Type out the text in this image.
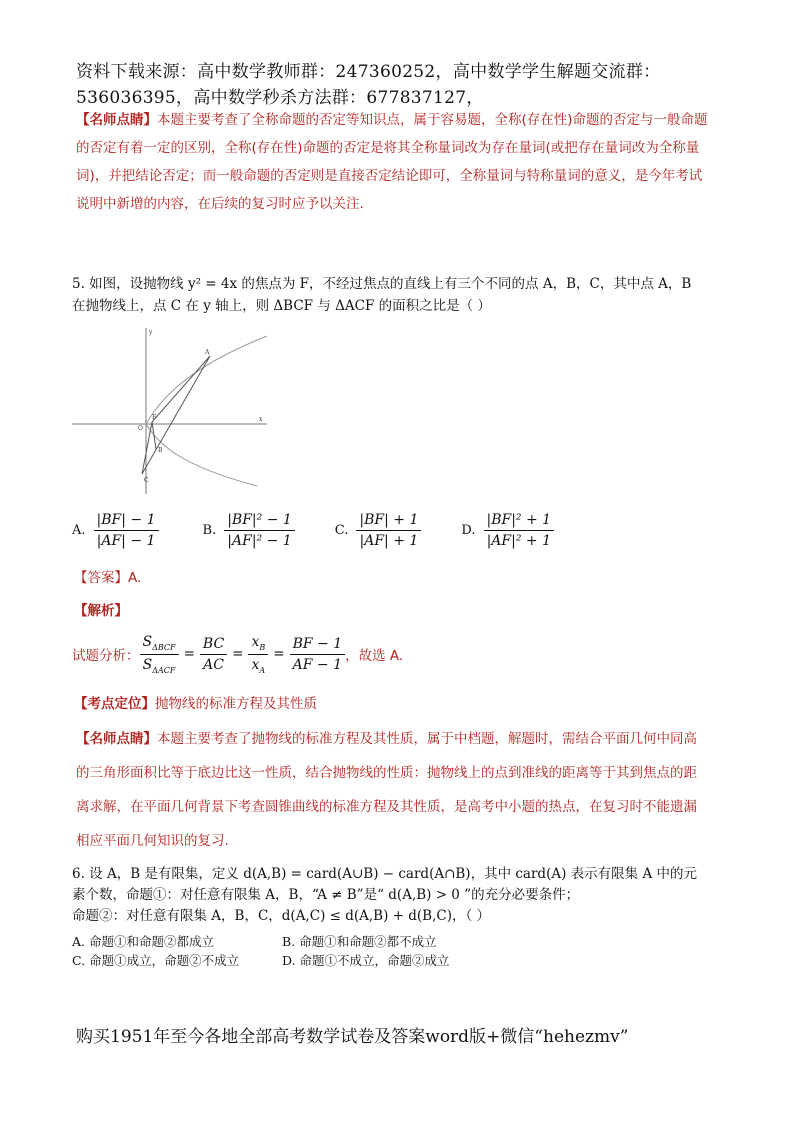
资料下载来源：高中数学教师群：247360252，高中数学学生解题交流群：
536036395，高中数学秒杀方法群：677837127，
【名师点睛】本题主要考查了全称命题的否定等知识点，属于容易题，全称(存在性)命题的否定与一般命题
的否定有着一定的区别，全称(存在性)命题的否定是将其全称量词改为存在量词(或把存在量词改为全称量
词)，并把结论否定；而一般命题的否定则是直接否定结论即可，全称量词与特称量词的意义，是今年考试
说明中新增的内容，在后续的复习时应予以关注.
5. 如图，设抛物线 y² = 4x 的焦点为 F，不经过焦点的直线上有三个不同的点 A，B，C，其中点 A，B
在抛物线上，点 C 在 y 轴上，则 ΔBCF 与 ΔACF 的面积之比是（ ）
A
B
C
F
O
x
y
A. $\frac{|BF| - 1}{|AF| - 1}$	B. $\frac{\text{|BF|² − 1}}{\text{|AF|² − 1}}$	C. $\frac{|BF| + 1}{|AF| + 1}$	D. $\frac{\text{|BF|² + 1}}{\text{|AF|² + 1}}$
【答案】A.
【解析】
试题分析： $\frac{S_{\Delta BCF}}{S_{\Delta ACF}} = \frac{BC}{AC} = \frac{x_B}{x_A} = \frac{BF - 1}{AF - 1}$ ，故选 A.
【考点定位】抛物线的标准方程及其性质
【名师点睛】本题主要考查了抛物线的标准方程及其性质，属于中档题，解题时，需结合平面几何中同高
的三角形面积比等于底边比这一性质，结合抛物线的性质：抛物线上的点到准线的距离等于其到焦点的距
离求解，在平面几何背景下考查圆锥曲线的标准方程及其性质，是高考中小题的热点，在复习时不能遗漏
相应平面几何知识的复习.
6. 设 A，B 是有限集，定义 d(A,B) = card(A∪B) − card(A∩B)，其中 card(A) 表示有限集 A 中的元
素个数，命题①：对任意有限集 A，B，“A ≠ B”是“ d(A,B) > 0 ”的充分必要条件；
命题②：对任意有限集 A，B，C，d(A,C) ≤ d(A,B) + d(B,C)，（ ）
A. 命题①和命题②都成立	B. 命题①和命题②都不成立
C. 命题①成立，命题②不成立	D. 命题①不成立，命题②成立
购买1951年至今各地全部高考数学试卷及答案word版+微信“hehezmv”
